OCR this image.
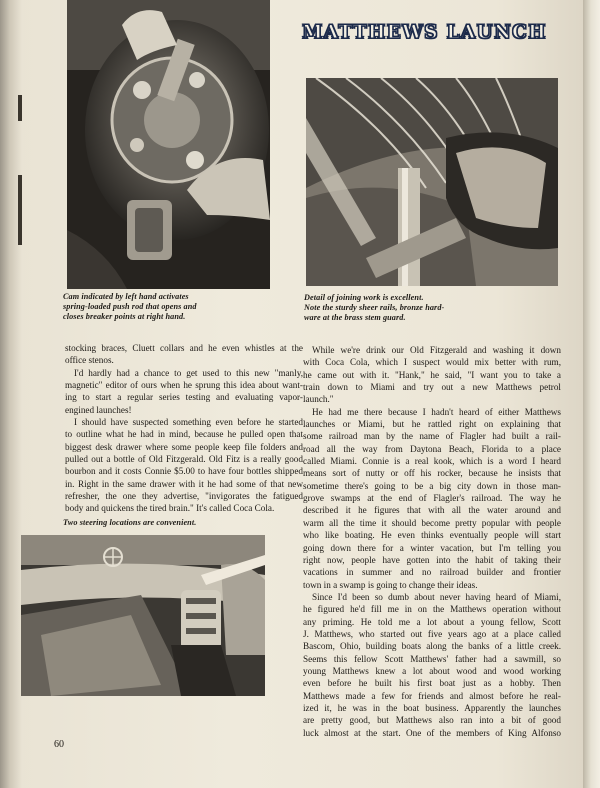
Cam indicated by left hand activates
spring-loaded push rod that opens and
closes breaker points at right hand.

MATTHEWS LAUNCH

Detail of joining work is excellent.
Note the sturdy sheer rails, bronze hard-
ware at the brass stem guard.

stocking braces, Cluett collars and he even whistles at the
office stenos.
I'd hardly had a chance to get used to this new "manly,
magnetic" editor of ours when he sprung this idea about want-
ing to start a regular series testing and evaluating vapor-
engined launches!
I should have suspected something even before he started
to outline what he had in mind, because he pulled open that
biggest desk drawer where some people keep file folders and
pulled out a bottle of Old Fitzgerald. Old Fitz is a really good
bourbon and it costs Connie $5.00 to have four bottles shipped
in. Right in the same drawer with it he had some of that new
refresher, the one they advertise, "invigorates the fatigued
body and quickens the tired brain." It's called Coca Cola.

Two steering locations are convenient.

While we're drink our Old Fitzgerald and washing it down
with Coca Cola, which I suspect would mix better with rum,
he came out with it. "Hank," he said, "I want you to take a
train down to Miami and try out a new Matthews petrol
launch."
He had me there because I hadn't heard of either Matthews
launches or Miami, but he rattled right on explaining that
some railroad man by the name of Flagler had built a rail-
road all the way from Daytona Beach, Florida to a place
called Miami. Connie is a real kook, which is a word I heard
means sort of nutty or off his rocker, because he insists that
sometime there's going to be a big city down in those man-
grove swamps at the end of Flagler's railroad. The way he
described it he figures that with all the water around and
warm all the time it should become pretty popular with people
who like boating. He even thinks eventually people will start
going down there for a winter vacation, but I'm telling you
right now, people have gotten into the habit of taking their
vacations in summer and no railroad builder and frontier
town in a swamp is going to change their ideas.
Since I'd been so dumb about never having heard of Miami,
he figured he'd fill me in on the Matthews operation without
any priming. He told me a lot about a young fellow, Scott
J. Matthews, who started out five years ago at a place called
Bascom, Ohio, building boats along the banks of a little creek.
Seems this fellow Scott Matthews' father had a sawmill, so
young Matthews knew a lot about wood and wood working
even before he built his first boat just as a hobby. Then
Matthews made a few for friends and almost before he real-
ized it, he was in the boat business. Apparently the launches
are pretty good, but Matthews also ran into a bit of good
luck almost at the start. One of the members of King Alfonso

60
